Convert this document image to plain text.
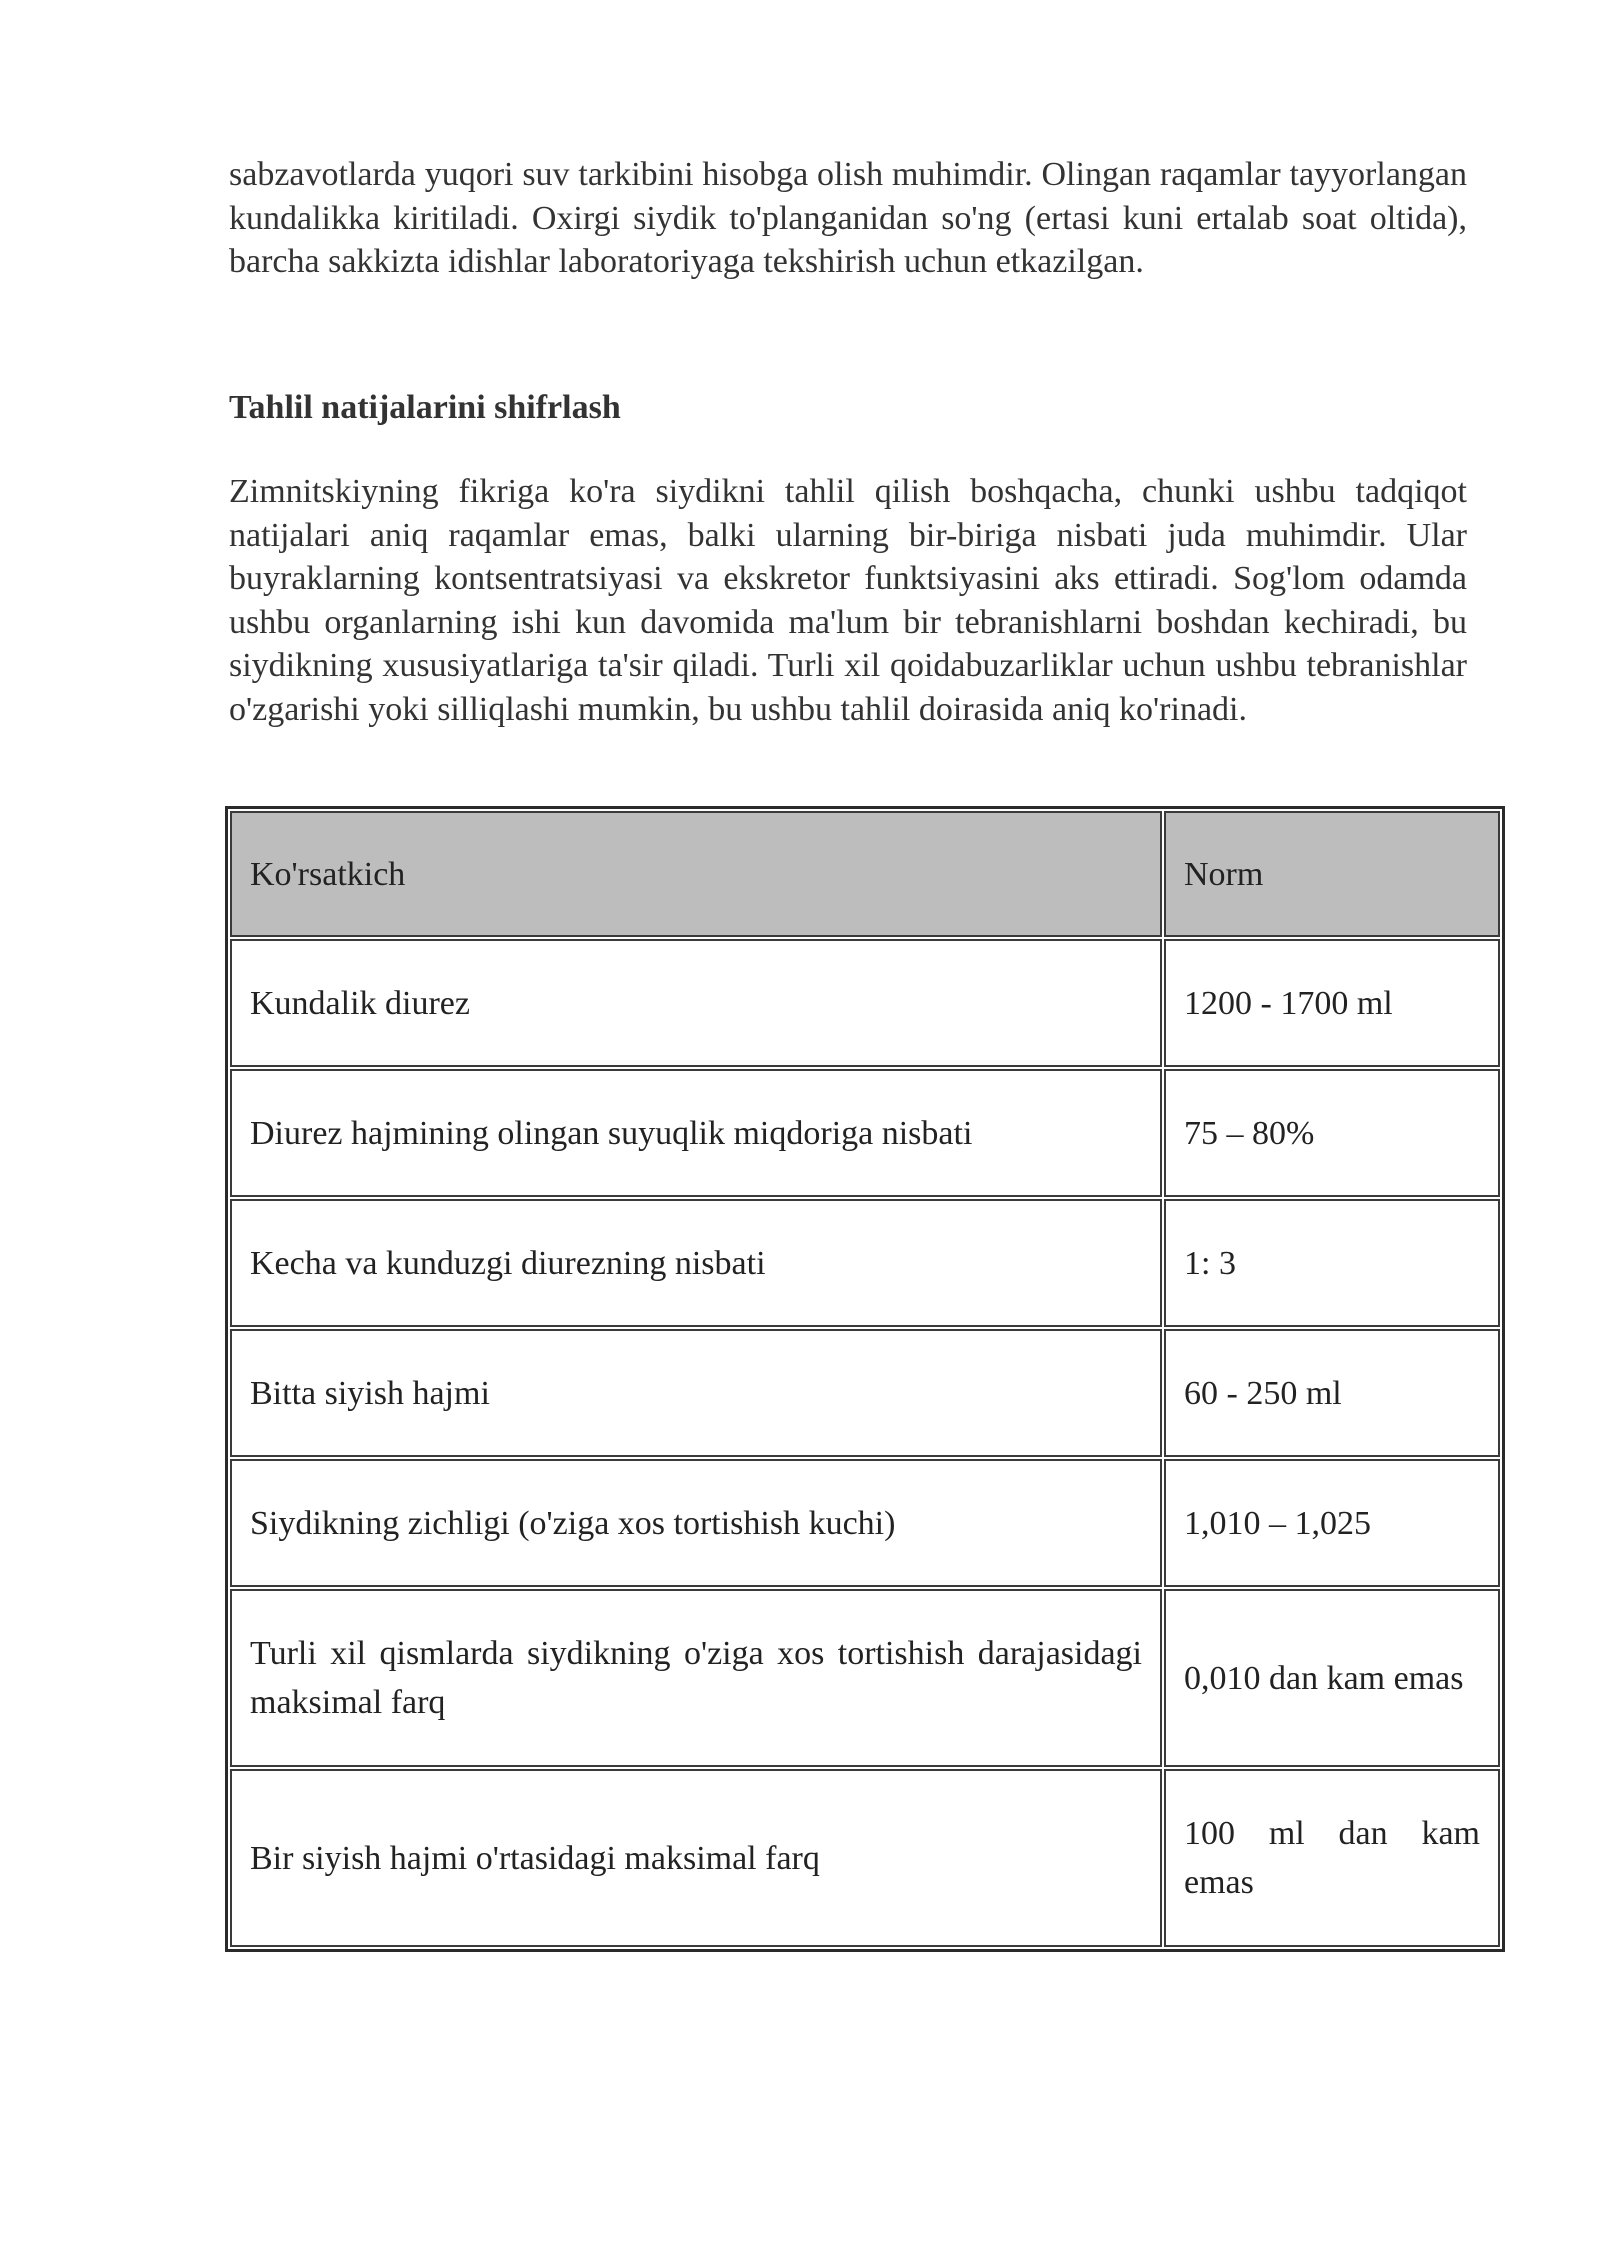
sabzavotlarda yuqori suv tarkibini hisobga olish muhimdir. Olingan raqamlar tayyorlangan kundalikka kiritiladi. Oxirgi siydik to'planganidan so'ng (ertasi kuni ertalab soat oltida), barcha sakkizta idishlar laboratoriyaga tekshirish uchun etkazilgan.

Tahlil natijalarini shifrlash

Zimnitskiyning fikriga ko'ra siydikni tahlil qilish boshqacha, chunki ushbu tadqiqot natijalari aniq raqamlar emas, balki ularning bir-biriga nisbati juda muhimdir. Ular buyraklarning kontsentratsiyasi va ekskretor funktsiyasini aks ettiradi. Sog'lom odamda ushbu organlarning ishi kun davomida ma'lum bir tebranishlarni boshdan kechiradi, bu siydikning xususiyatlariga ta'sir qiladi. Turli xil qoidabuzarliklar uchun ushbu tebranishlar o'zgarishi yoki silliqlashi mumkin, bu ushbu tahlil doirasida aniq ko'rinadi.

Ko'rsatkich	Norm
Kundalik diurez	1200 - 1700 ml
Diurez hajmining olingan suyuqlik miqdoriga nisbati	75 – 80%
Kecha va kunduzgi diurezning nisbati	1: 3
Bitta siyish hajmi	60 - 250 ml
Siydikning zichligi (o'ziga xos tortishish kuchi)	1,010 – 1,025
Turli xil qismlarda siydikning o'ziga xos tortishish darajasidagi maksimal farq	0,010 dan kam emas
Bir siyish hajmi o'rtasidagi maksimal farq	100 ml dan kam emas
